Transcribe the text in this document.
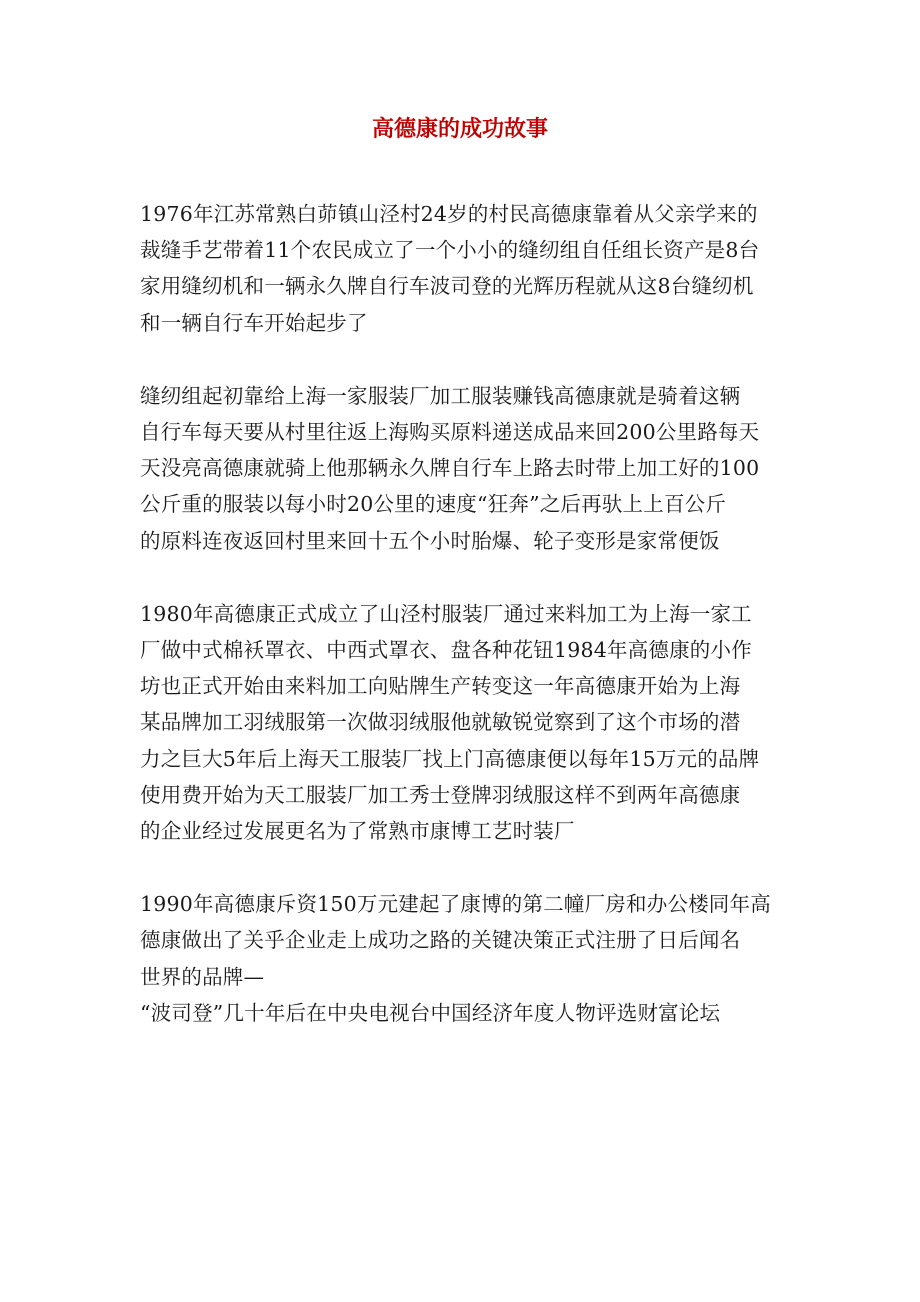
高德康的成功故事
1976年江苏常熟白茆镇山泾村24岁的村民高德康靠着从父亲学来的
裁缝手艺带着11个农民成立了一个小小的缝纫组自任组长资产是8台
家用缝纫机和一辆永久牌自行车波司登的光辉历程就从这8台缝纫机
和一辆自行车开始起步了
缝纫组起初靠给上海一家服装厂加工服装赚钱高德康就是骑着这辆
自行车每天要从村里往返上海购买原料递送成品来回200公里路每天
天没亮高德康就骑上他那辆永久牌自行车上路去时带上加工好的100
公斤重的服装以每小时20公里的速度“狂奔”之后再驮上上百公斤
的原料连夜返回村里来回十五个小时胎爆、轮子变形是家常便饭
1980年高德康正式成立了山泾村服装厂通过来料加工为上海一家工
厂做中式棉袄罩衣、中西式罩衣、盘各种花钮1984年高德康的小作
坊也正式开始由来料加工向贴牌生产转变这一年高德康开始为上海
某品牌加工羽绒服第一次做羽绒服他就敏锐觉察到了这个市场的潜
力之巨大5年后上海天工服装厂找上门高德康便以每年15万元的品牌
使用费开始为天工服装厂加工秀士登牌羽绒服这样不到两年高德康
的企业经过发展更名为了常熟市康博工艺时装厂
1990年高德康斥资150万元建起了康博的第二幢厂房和办公楼同年高
德康做出了关乎企业走上成功之路的关键决策正式注册了日后闻名
世界的品牌—
“波司登”几十年后在中央电视台中国经济年度人物评选财富论坛
